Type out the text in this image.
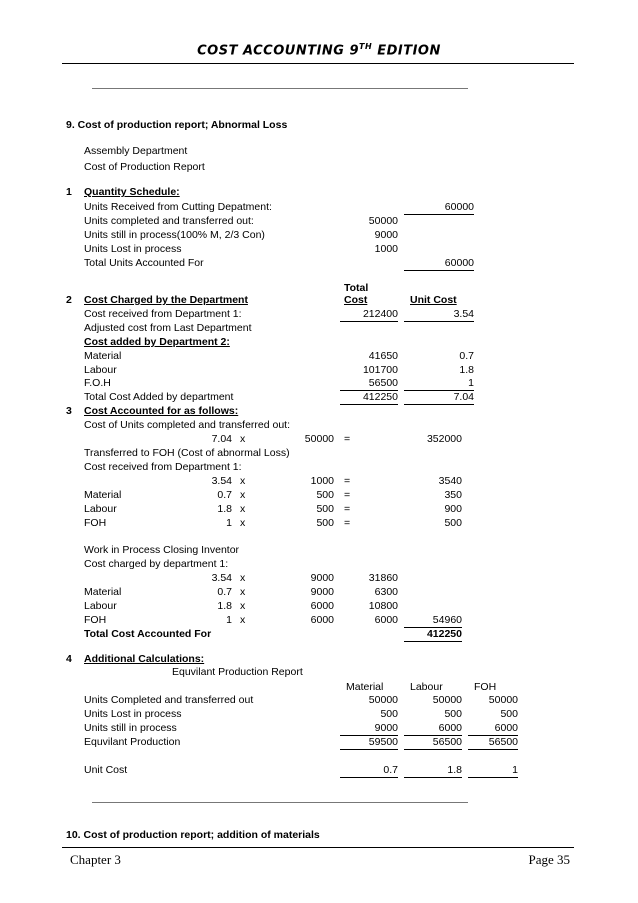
COST ACCOUNTING 9TH EDITION
9. Cost of production report; Abnormal Loss
Assembly Department
Cost of Production Report
1 Quantity Schedule:
Units Received from Cutting Depatment:	60000
Units completed and transferred out:	50000
Units still in process(100% M, 2/3 Con)	9000
Units Lost in process	1000
Total Units Accounted For	60000
Total
2 Cost Charged by the Department	Cost	Unit Cost
Cost received from Department 1:	212400	3.54
Adjusted cost from Last Department
Cost added by Department 2:
Material	41650	0.7
Labour	101700	1.8
F.O.H	56500	1
Total Cost Added by department	412250	7.04
3 Cost Accounted for as follows:
Cost of Units completed and transferred out:
7.04 x	50000 =	352000
Transferred to FOH (Cost of abnormal Loss)
Cost received from Department 1:
3.54 x	1000 =	3540
Material	0.7 x	500 =	350
Labour	1.8 x	500 =	900
FOH	1 x	500 =	500
Work in Process Closing Inventor
Cost charged by department 1:
3.54 x	9000	31860
Material	0.7 x	9000	6300
Labour	1.8 x	6000	10800
FOH	1 x	6000	6000	54960
Total Cost Accounted For	412250
4 Additional Calculations:
Equvilant Production Report
Material	Labour	FOH
Units Completed and transferred out	50000	50000	50000
Units Lost in process	500	500	500
Units still in process	9000	6000	6000
Equvilant Production	59500	56500	56500
Unit Cost	0.7	1.8	1
10. Cost of production report; addition of materials
Chapter 3	Page 35
